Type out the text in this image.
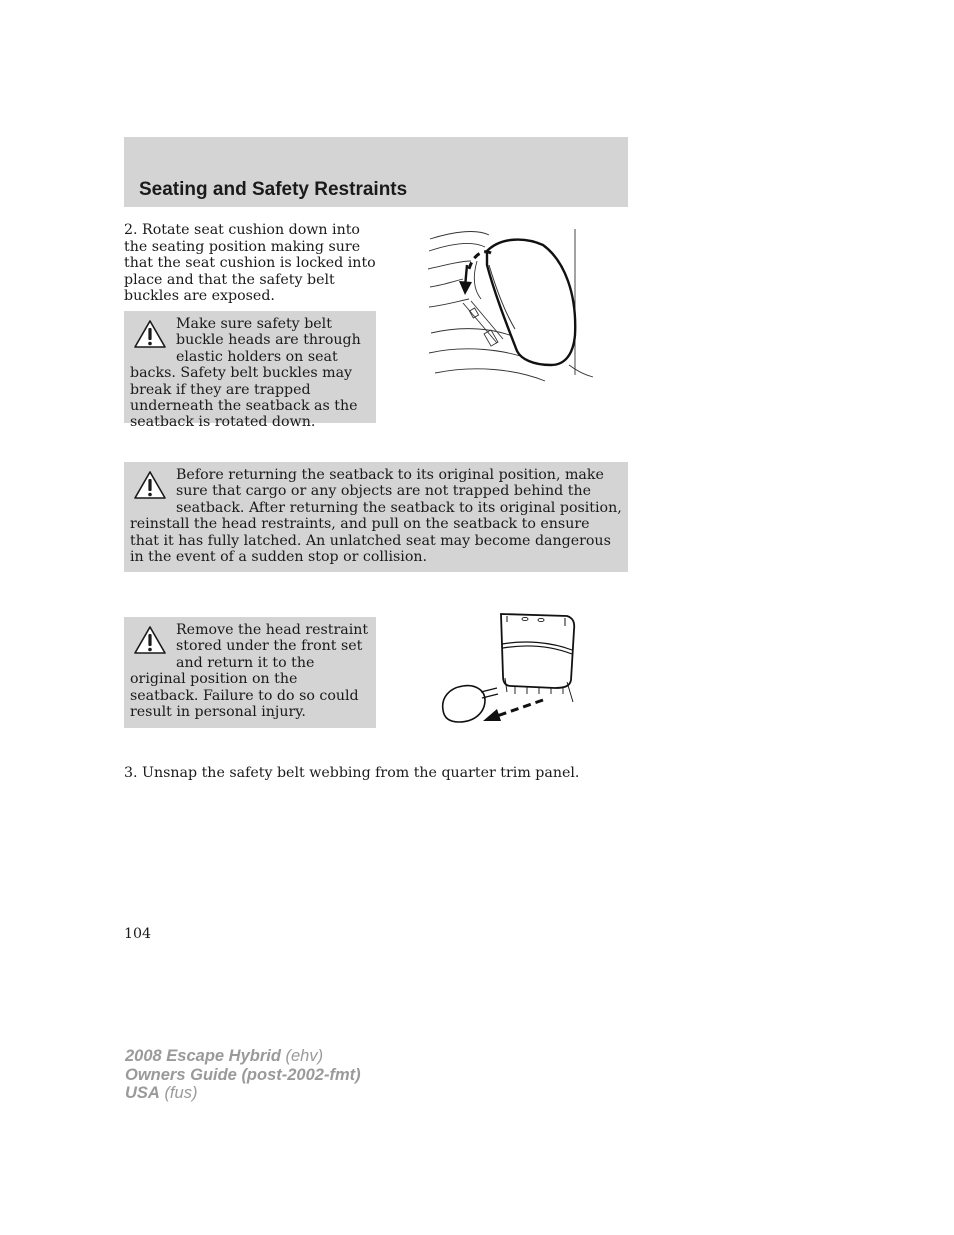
Seating and Safety Restraints

2. Rotate seat cushion down into the seating position making sure that the seat cushion is locked into place and that the safety belt buckles are exposed.

Make sure safety belt buckle heads are through elastic holders on seat backs. Safety belt buckles may break if they are trapped underneath the seatback as the seatback is rotated down.

Before returning the seatback to its original position, make sure that cargo or any objects are not trapped behind the seatback. After returning the seatback to its original position, reinstall the head restraints, and pull on the seatback to ensure that it has fully latched. An unlatched seat may become dangerous in the event of a sudden stop or collision.

Remove the head restraint stored under the front set and return it to the original position on the seatback. Failure to do so could result in personal injury.

3. Unsnap the safety belt webbing from the quarter trim panel.

104
2008 Escape Hybrid (ehv)
Owners Guide (post-2002-fmt)
USA (fus)
